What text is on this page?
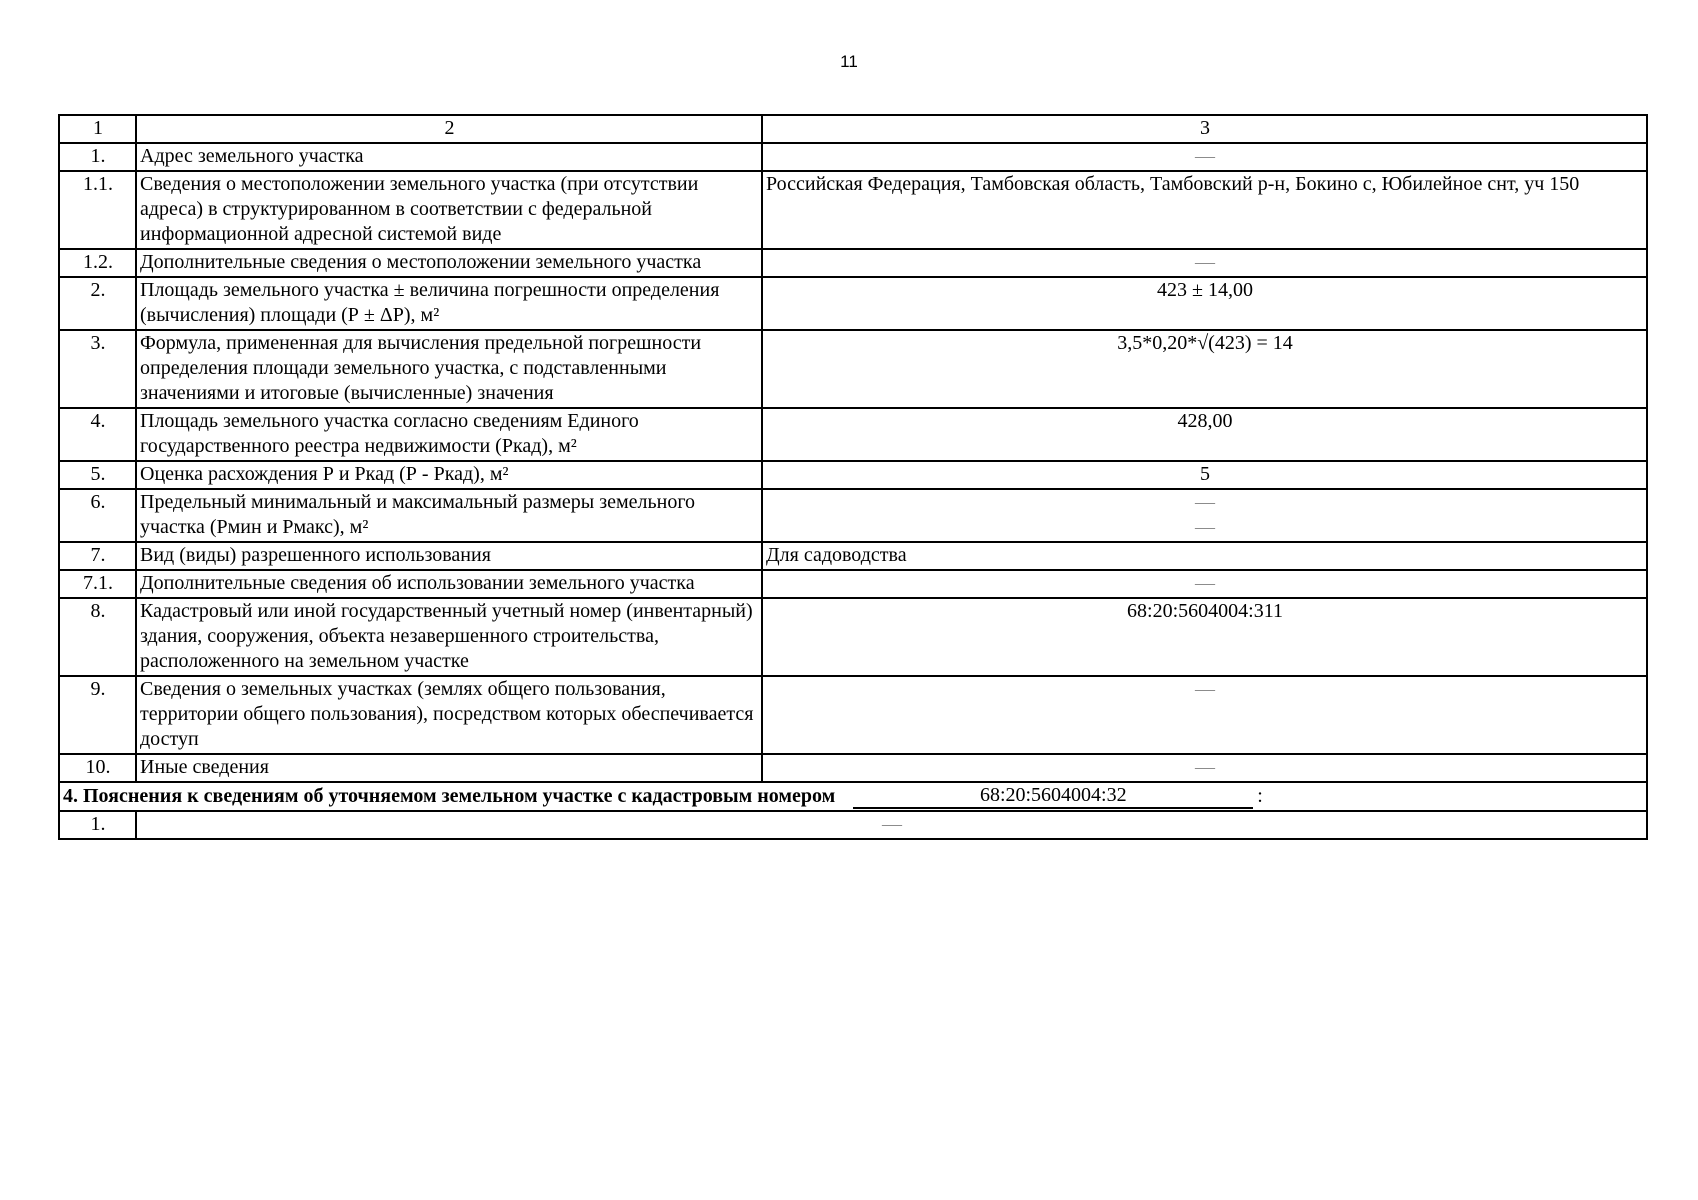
11
1	2	3
1.	Адрес земельного участка	—
1.1.	Сведения о местоположении земельного участка (при отсутствии адреса) в структурированном в соответствии с федеральной информационной адресной системой виде	Российская Федерация, Тамбовская область, Тамбовский р-н, Бокино с, Юбилейное снт, уч 150
1.2.	Дополнительные сведения о местоположении земельного участка	—
2.	Площадь земельного участка ± величина погрешности определения (вычисления) площади (Р ± ΔР), м²	423 ± 14,00
3.	Формула, примененная для вычисления предельной погрешности определения площади земельного участка, с подставленными значениями и итоговые (вычисленные) значения	3,5*0,20*√(423) = 14
4.	Площадь земельного участка согласно сведениям Единого государственного реестра недвижимости (Ркад), м²	428,00
5.	Оценка расхождения Р и Ркад (Р - Ркад), м²	5
6.	Предельный минимальный и максимальный размеры земельного участка (Рмин и Рмакс), м²	—
—

7.	Вид (виды) разрешенного использования	Для садоводства
7.1.	Дополнительные сведения об использовании земельного участка	—
8.	Кадастровый или иной государственный учетный номер (инвентарный) здания, сооружения, объекта незавершенного строительства, расположенного на земельном участке	68:20:5604004:311
9.	Сведения о земельных участках (землях общего пользования, территории общего пользования), посредством которых обеспечивается доступ	—
10.	Иные сведения	—

4. Пояснения к сведениям об уточняемом земельном участке с кадастровым номером 68:20:5604004:32 :		

1.	—	
